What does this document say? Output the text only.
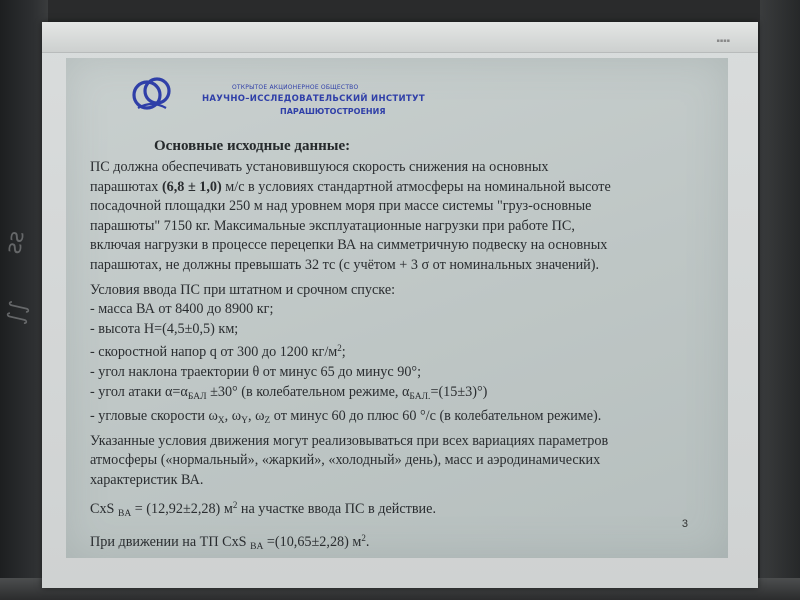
ƨƨ
∫∫
▪▪▪▪
ОТКРЫТОЕ АКЦИОНЕРНОЕ ОБЩЕСТВО
НАУЧНО–ИССЛЕДОВАТЕЛЬСКИЙ ИНСТИТУТ
ПАРАШЮТОСТРОЕНИЯ
Основные исходные данные:

ПС должна обеспечивать установившуюся скорость снижения на основных

парашютах (6,8 ± 1,0) м/с в условиях стандартной атмосферы на номинальной высоте

посадочной площадки 250 м над уровнем моря при массе системы "груз-основные

парашюты" 7150 кг. Максимальные эксплуатационные нагрузки при работе ПС,

включая нагрузки в процессе перецепки ВА на симметричную подвеску на основных

парашютах, не должны превышать 32 тс (с учётом + 3 σ от номинальных значений).

Условия ввода ПС при штатном и срочном спуске:

- масса ВА от 8400 до 8900 кг;

- высота H=(4,5±0,5) км;

- скоростной напор q от 300 до 1200 $кг/м^2$;

- угол наклона траектории θ от минус 65 до минус 90°;

- угол атаки $\alpha=\alpha_{БАЛ} \pm 30^\circ$ (в колебательном режиме, $\alpha_{БАЛ.}=(15\pm 3)^\circ$)

- угловые скорости $\omega_X$, $\omega_Y$, $\omega_Z$ от минус 60 до плюс 60 °/с (в колебательном режиме).

Указанные условия движения могут реализовываться при всех вариациях параметров

атмосферы («нормальный», «жаркий», «холодный» день), масс и аэродинамических

характеристик ВА.

CxS $_{BA}$ = (12,92±2,28) $м^2$ на участке ввода ПС в действие.

При движении на ТП CxS $_{BA}$ =(10,65±2,28) $м^2$.

3
